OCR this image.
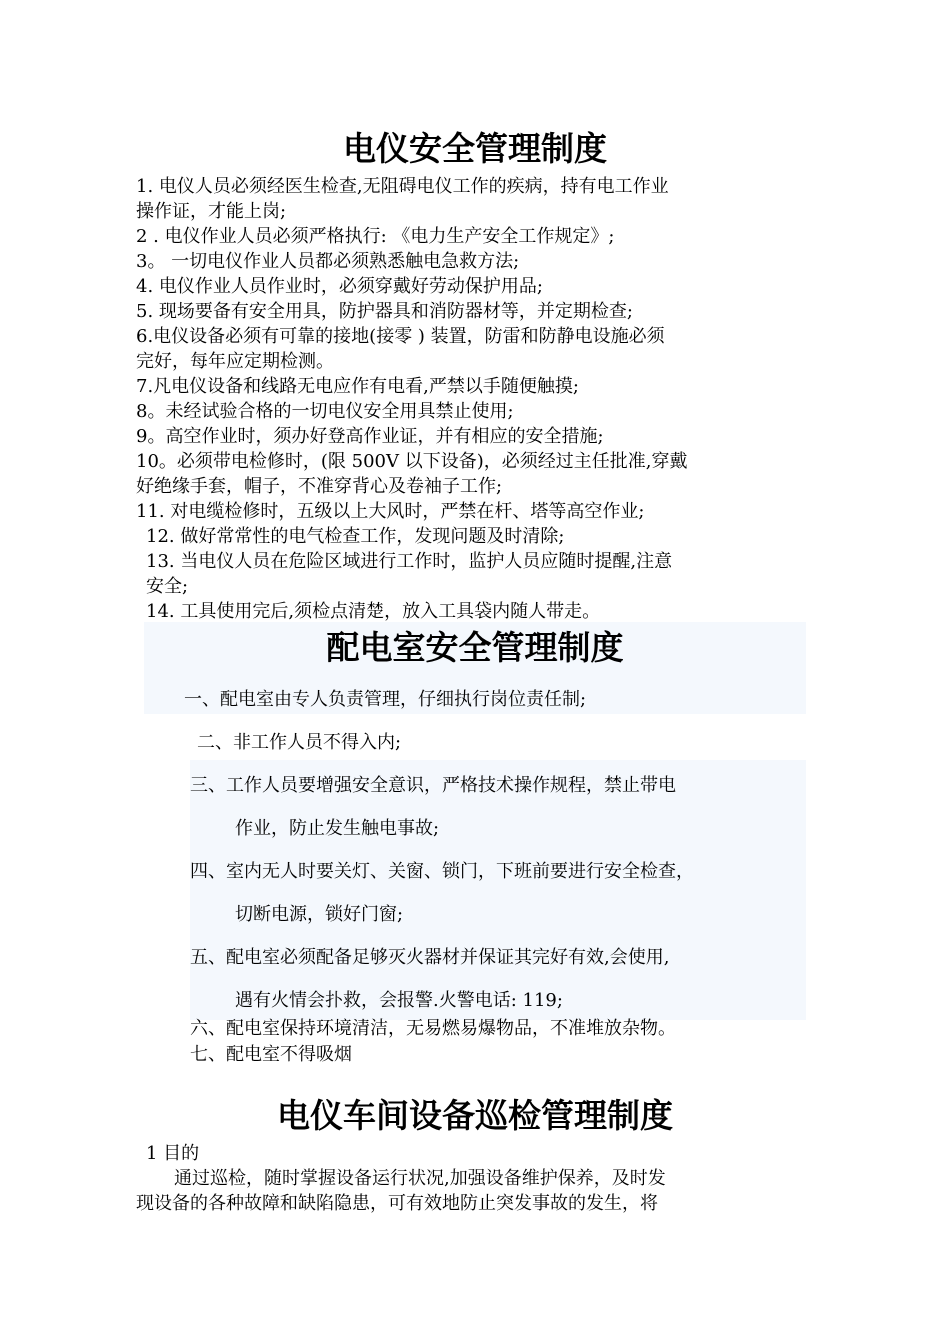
电仪安全管理制度
1. 电仪人员必须经医生检查,无阻碍电仪工作的疾病，持有电工作业
操作证，才能上岗;
2 . 电仪作业人员必须严格执行: 《电力生产安全工作规定》;
3。 一切电仪作业人员都必须熟悉触电急救方法;
4. 电仪作业人员作业时，必须穿戴好劳动保护用品;
5. 现场要备有安全用具，防护器具和消防器材等，并定期检查;
6.电仪设备必须有可靠的接地(接零 ) 装置，防雷和防静电设施必须
完好，每年应定期检测。
7.凡电仪设备和线路无电应作有电看,严禁以手随便触摸;
8。未经试验合格的一切电仪安全用具禁止使用;
9。高空作业时，须办好登高作业证，并有相应的安全措施;
10。必须带电检修时，(限 500V 以下设备)，必须经过主任批准,穿戴
好绝缘手套，帽子，不准穿背心及卷袖子工作;
11. 对电缆检修时，五级以上大风时，严禁在杆、塔等高空作业;
12. 做好常常性的电气检查工作，发现问题及时清除;
13. 当电仪人员在危险区域进行工作时，监护人员应随时提醒,注意
安全;
14. 工具使用完后,须检点清楚，放入工具袋内随人带走。
配电室安全管理制度
一、配电室由专人负责管理，仔细执行岗位责任制;
二、非工作人员不得入内;
三、工作人员要增强安全意识，严格技术操作规程，禁止带电
作业，防止发生触电事故;
四、室内无人时要关灯、关窗、锁门，下班前要进行安全检查，
切断电源，锁好门窗;
五、配电室必须配备足够灭火器材并保证其完好有效,会使用,
遇有火情会扑救，会报警.火警电话: 119;
六、配电室保持环境清洁，无易燃易爆物品，不准堆放杂物。
七、配电室不得吸烟
电仪车间设备巡检管理制度
1 目的
通过巡检，随时掌握设备运行状况,加强设备维护保养，及时发
现设备的各种故障和缺陷隐患，可有效地防止突发事故的发生，将
